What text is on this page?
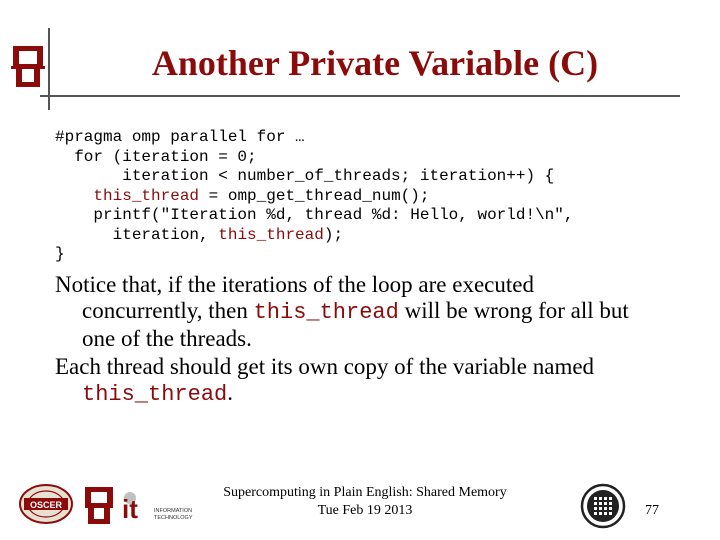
Another Private Variable (C)
#pragma omp parallel for …
for (iteration = 0;
iteration < number_of_threads; iteration++) {
this_thread = omp_get_thread_num();
printf("Iteration %d, thread %d: Hello, world!\n",
iteration, this_thread);
}
Notice that, if the iterations of the loop are executed
concurrently, then this_thread will be wrong for all but
one of the threads.
Each thread should get its own copy of the variable named
this_thread.
OSCER it	INFORMATION
TECHNOLOGY
Supercomputing in Plain English: Shared Memory
Tue Feb 19 2013	77
